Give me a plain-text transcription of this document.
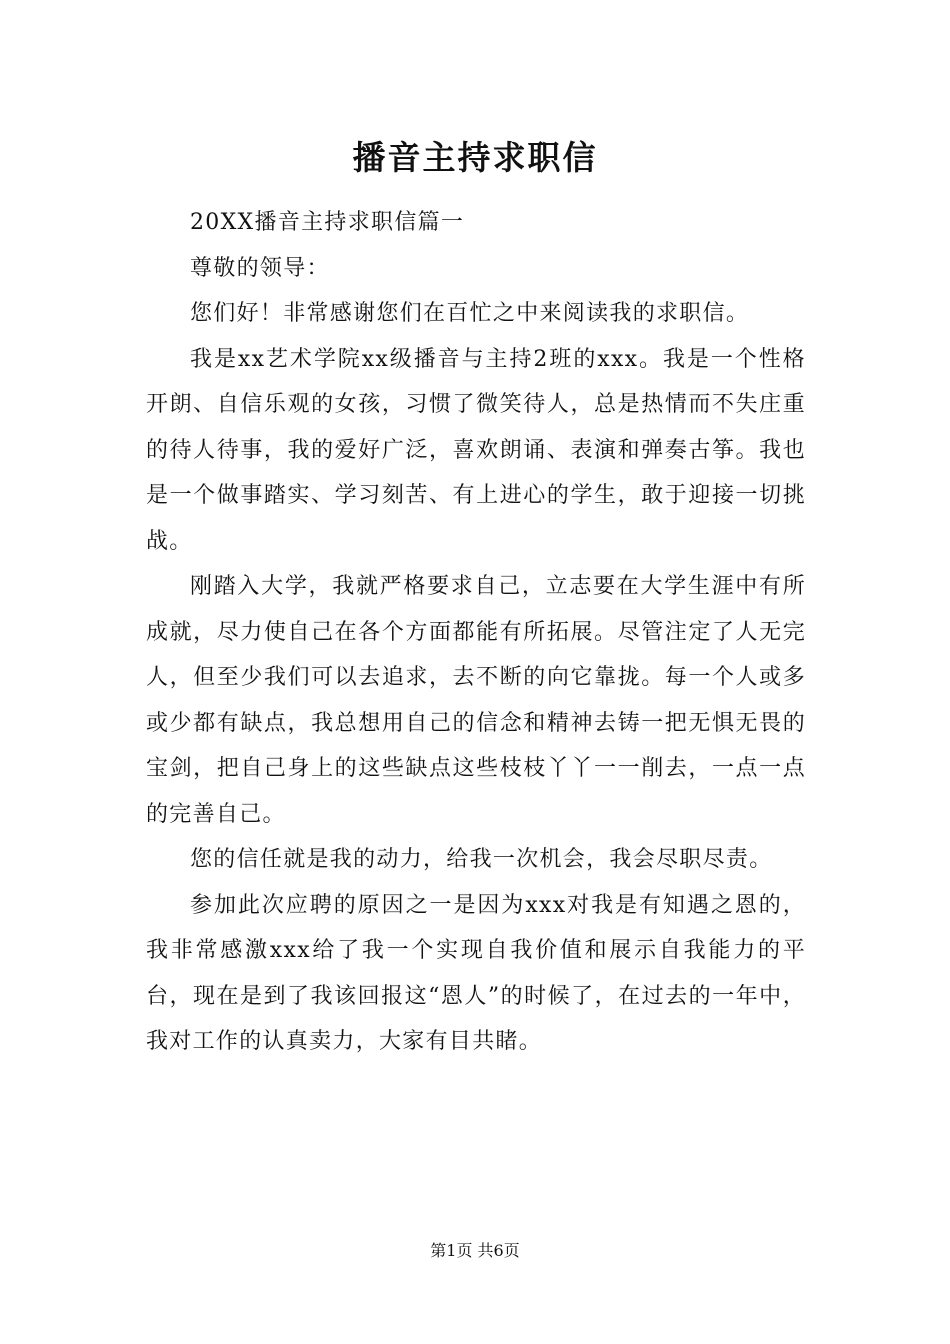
播音主持求职信

20XX播音主持求职信篇一

尊敬的领导：

您们好！非常感谢您们在百忙之中来阅读我的求职信。

我是xx艺术学院xx级播音与主持2班的xxx。我是一个性格开朗、自信乐观的女孩，习惯了微笑待人，总是热情而不失庄重的待人待事，我的爱好广泛，喜欢朗诵、表演和弹奏古筝。我也是一个做事踏实、学习刻苦、有上进心的学生，敢于迎接一切挑战。

刚踏入大学，我就严格要求自己，立志要在大学生涯中有所成就，尽力使自己在各个方面都能有所拓展。尽管注定了人无完人，但至少我们可以去追求，去不断的向它靠拢。每一个人或多或少都有缺点，我总想用自己的信念和精神去铸一把无惧无畏的宝剑，把自己身上的这些缺点这些枝枝丫丫一一削去，一点一点的完善自己。

您的信任就是我的动力，给我一次机会，我会尽职尽责。

参加此次应聘的原因之一是因为xxx对我是有知遇之恩的，我非常感激xxx给了我一个实现自我价值和展示自我能力的平台，现在是到了我该回报这“恩人”的时候了，在过去的一年中，我对工作的认真卖力，大家有目共睹。

第1页 共6页
